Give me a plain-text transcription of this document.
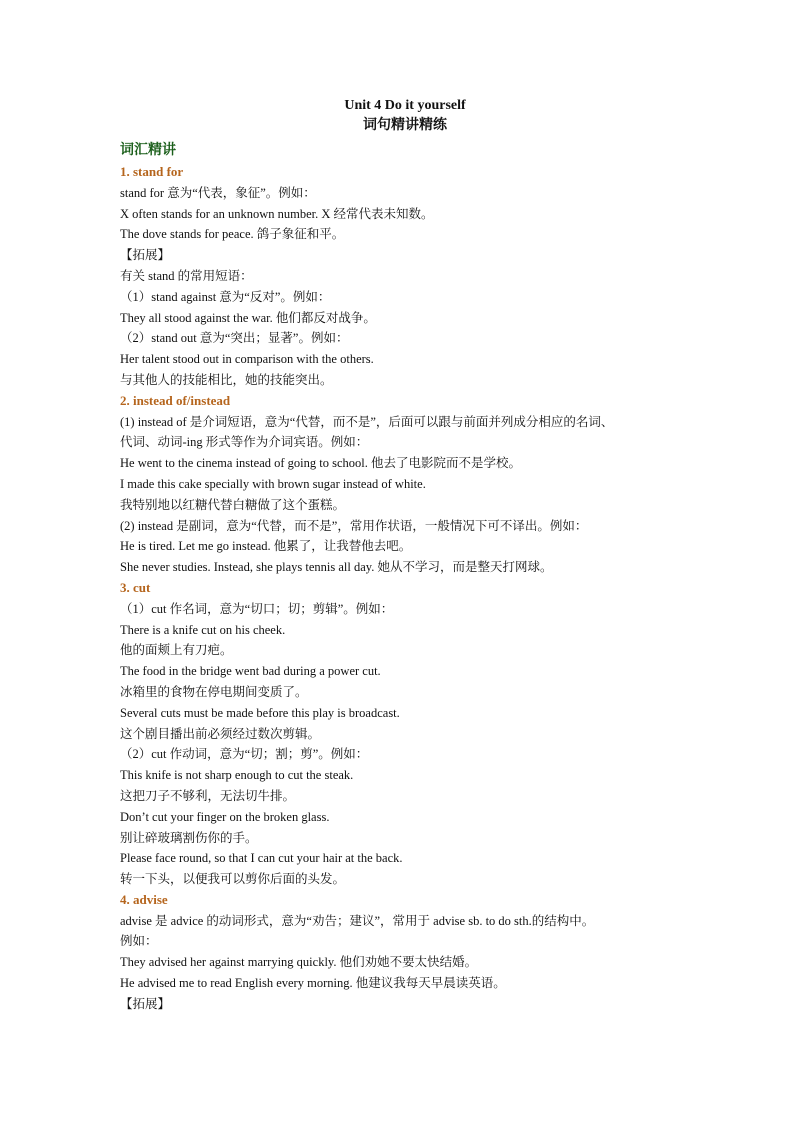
Unit 4 Do it yourself

词句精讲精练

词汇精讲

1. stand for

stand for 意为“代表，象征”。例如：

X often stands for an unknown number. X 经常代表未知数。

The dove stands for peace. 鸽子象征和平。

【拓展】

有关 stand 的常用短语：

（1）stand against 意为“反对”。例如：

They all stood against the war. 他们都反对战争。

（2）stand out 意为“突出；显著”。例如：

Her talent stood out in comparison with the others.

与其他人的技能相比，她的技能突出。

2. instead of/instead

(1) instead of 是介词短语，意为“代替，而不是”，后面可以跟与前面并列成分相应的名词、

代词、动词-ing 形式等作为介词宾语。例如：

He went to the cinema instead of going to school. 他去了电影院而不是学校。

I made this cake specially with brown sugar instead of white.

我特别地以红糖代替白糖做了这个蛋糕。

(2) instead 是副词，意为“代替，而不是”，常用作状语，一般情况下可不译出。例如：

He is tired. Let me go instead. 他累了，让我替他去吧。

She never studies. Instead, she plays tennis all day. 她从不学习，而是整天打网球。

3. cut

（1）cut 作名词，意为“切口；切；剪辑”。例如：

There is a knife cut on his cheek.

他的面颊上有刀疤。

The food in the bridge went bad during a power cut.

冰箱里的食物在停电期间变质了。

Several cuts must be made before this play is broadcast.

这个剧目播出前必须经过数次剪辑。

（2）cut 作动词，意为“切；割；剪”。例如：

This knife is not sharp enough to cut the steak.

这把刀子不够利，无法切牛排。

Don’t cut your finger on the broken glass.

别让碎玻璃割伤你的手。

Please face round, so that I can cut your hair at the back.

转一下头，以便我可以剪你后面的头发。

4. advise

advise 是 advice 的动词形式，意为“劝告；建议”，常用于 advise sb. to do sth.的结构中。

例如：

They advised her against marrying quickly. 他们劝她不要太快结婚。

He advised me to read English every morning. 他建议我每天早晨读英语。

【拓展】
